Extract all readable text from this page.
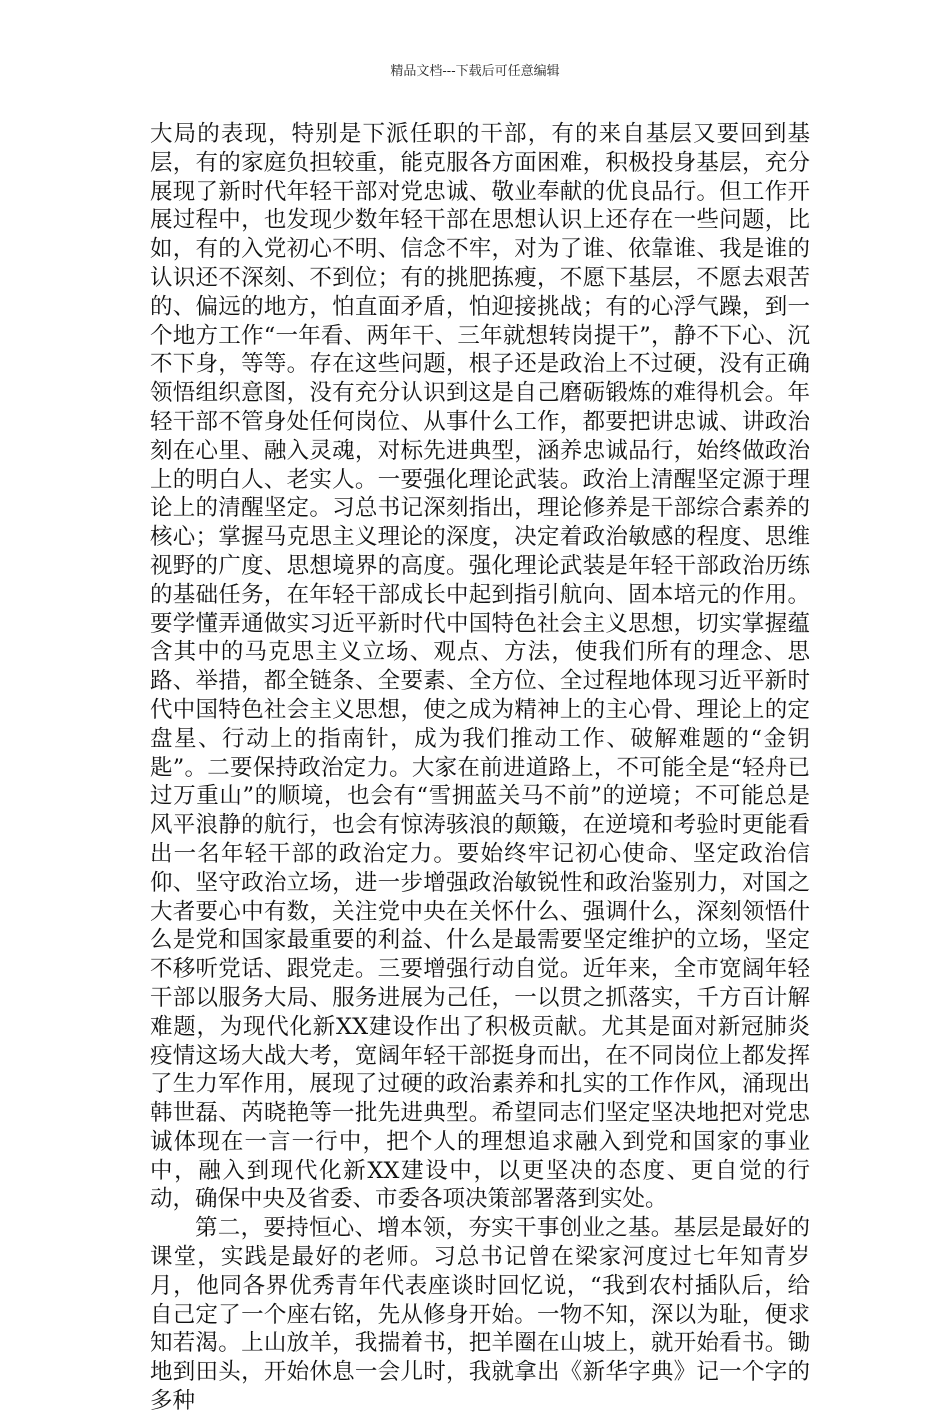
精品文档---下载后可任意编辑

大局的表现，特别是下派任职的干部，有的来自基层又要回到基层，有的家庭负担较重，能克服各方面困难，积极投身基层，充分展现了新时代年轻干部对党忠诚、敬业奉献的优良品行。但工作开展过程中，也发现少数年轻干部在思想认识上还存在一些问题，比如，有的入党初心不明、信念不牢，对为了谁、依靠谁、我是谁的认识还不深刻、不到位；有的挑肥拣瘦，不愿下基层，不愿去艰苦的、偏远的地方，怕直面矛盾，怕迎接挑战；有的心浮气躁，到一个地方工作“一年看、两年干、三年就想转岗提干”，静不下心、沉不下身，等等。存在这些问题，根子还是政治上不过硬，没有正确领悟组织意图，没有充分认识到这是自己磨砺锻炼的难得机会。年轻干部不管身处任何岗位、从事什么工作，都要把讲忠诚、讲政治刻在心里、融入灵魂，对标先进典型，涵养忠诚品行，始终做政治上的明白人、老实人。一要强化理论武装。政治上清醒坚定源于理论上的清醒坚定。习总书记深刻指出，理论修养是干部综合素养的核心；掌握马克思主义理论的深度，决定着政治敏感的程度、思维视野的广度、思想境界的高度。强化理论武装是年轻干部政治历练的基础任务，在年轻干部成长中起到指引航向、固本培元的作用。要学懂弄通做实习近平新时代中国特色社会主义思想，切实掌握蕴含其中的马克思主义立场、观点、方法，使我们所有的理念、思路、举措，都全链条、全要素、全方位、全过程地体现习近平新时代中国特色社会主义思想，使之成为精神上的主心骨、理论上的定盘星、行动上的指南针，成为我们推动工作、破解难题的“金钥匙”。二要保持政治定力。大家在前进道路上，不可能全是“轻舟已过万重山”的顺境，也会有“雪拥蓝关马不前”的逆境；不可能总是风平浪静的航行，也会有惊涛骇浪的颠簸，在逆境和考验时更能看出一名年轻干部的政治定力。要始终牢记初心使命、坚定政治信仰、坚守政治立场，进一步增强政治敏锐性和政治鉴别力，对国之大者要心中有数，关注党中央在关怀什么、强调什么，深刻领悟什么是党和国家最重要的利益、什么是最需要坚定维护的立场，坚定不移听党话、跟党走。三要增强行动自觉。近年来，全市宽阔年轻干部以服务大局、服务进展为己任，一以贯之抓落实，千方百计解难题，为现代化新XX建设作出了积极贡献。尤其是面对新冠肺炎疫情这场大战大考，宽阔年轻干部挺身而出，在不同岗位上都发挥了生力军作用，展现了过硬的政治素养和扎实的工作作风，涌现出韩世磊、芮晓艳等一批先进典型。希望同志们坚定坚决地把对党忠诚体现在一言一行中，把个人的理想追求融入到党和国家的事业中，融入到现代化新XX建设中，以更坚决的态度、更自觉的行动，确保中央及省委、市委各项决策部署落到实处。

第二，要持恒心、增本领，夯实干事创业之基。基层是最好的课堂，实践是最好的老师。习总书记曾在梁家河度过七年知青岁月，他同各界优秀青年代表座谈时回忆说，“我到农村插队后，给自己定了一个座右铭，先从修身开始。一物不知，深以为耻，便求知若渴。上山放羊，我揣着书，把羊圈在山坡上，就开始看书。锄地到田头，开始休息一会儿时，我就拿出《新华字典》记一个字的多种
